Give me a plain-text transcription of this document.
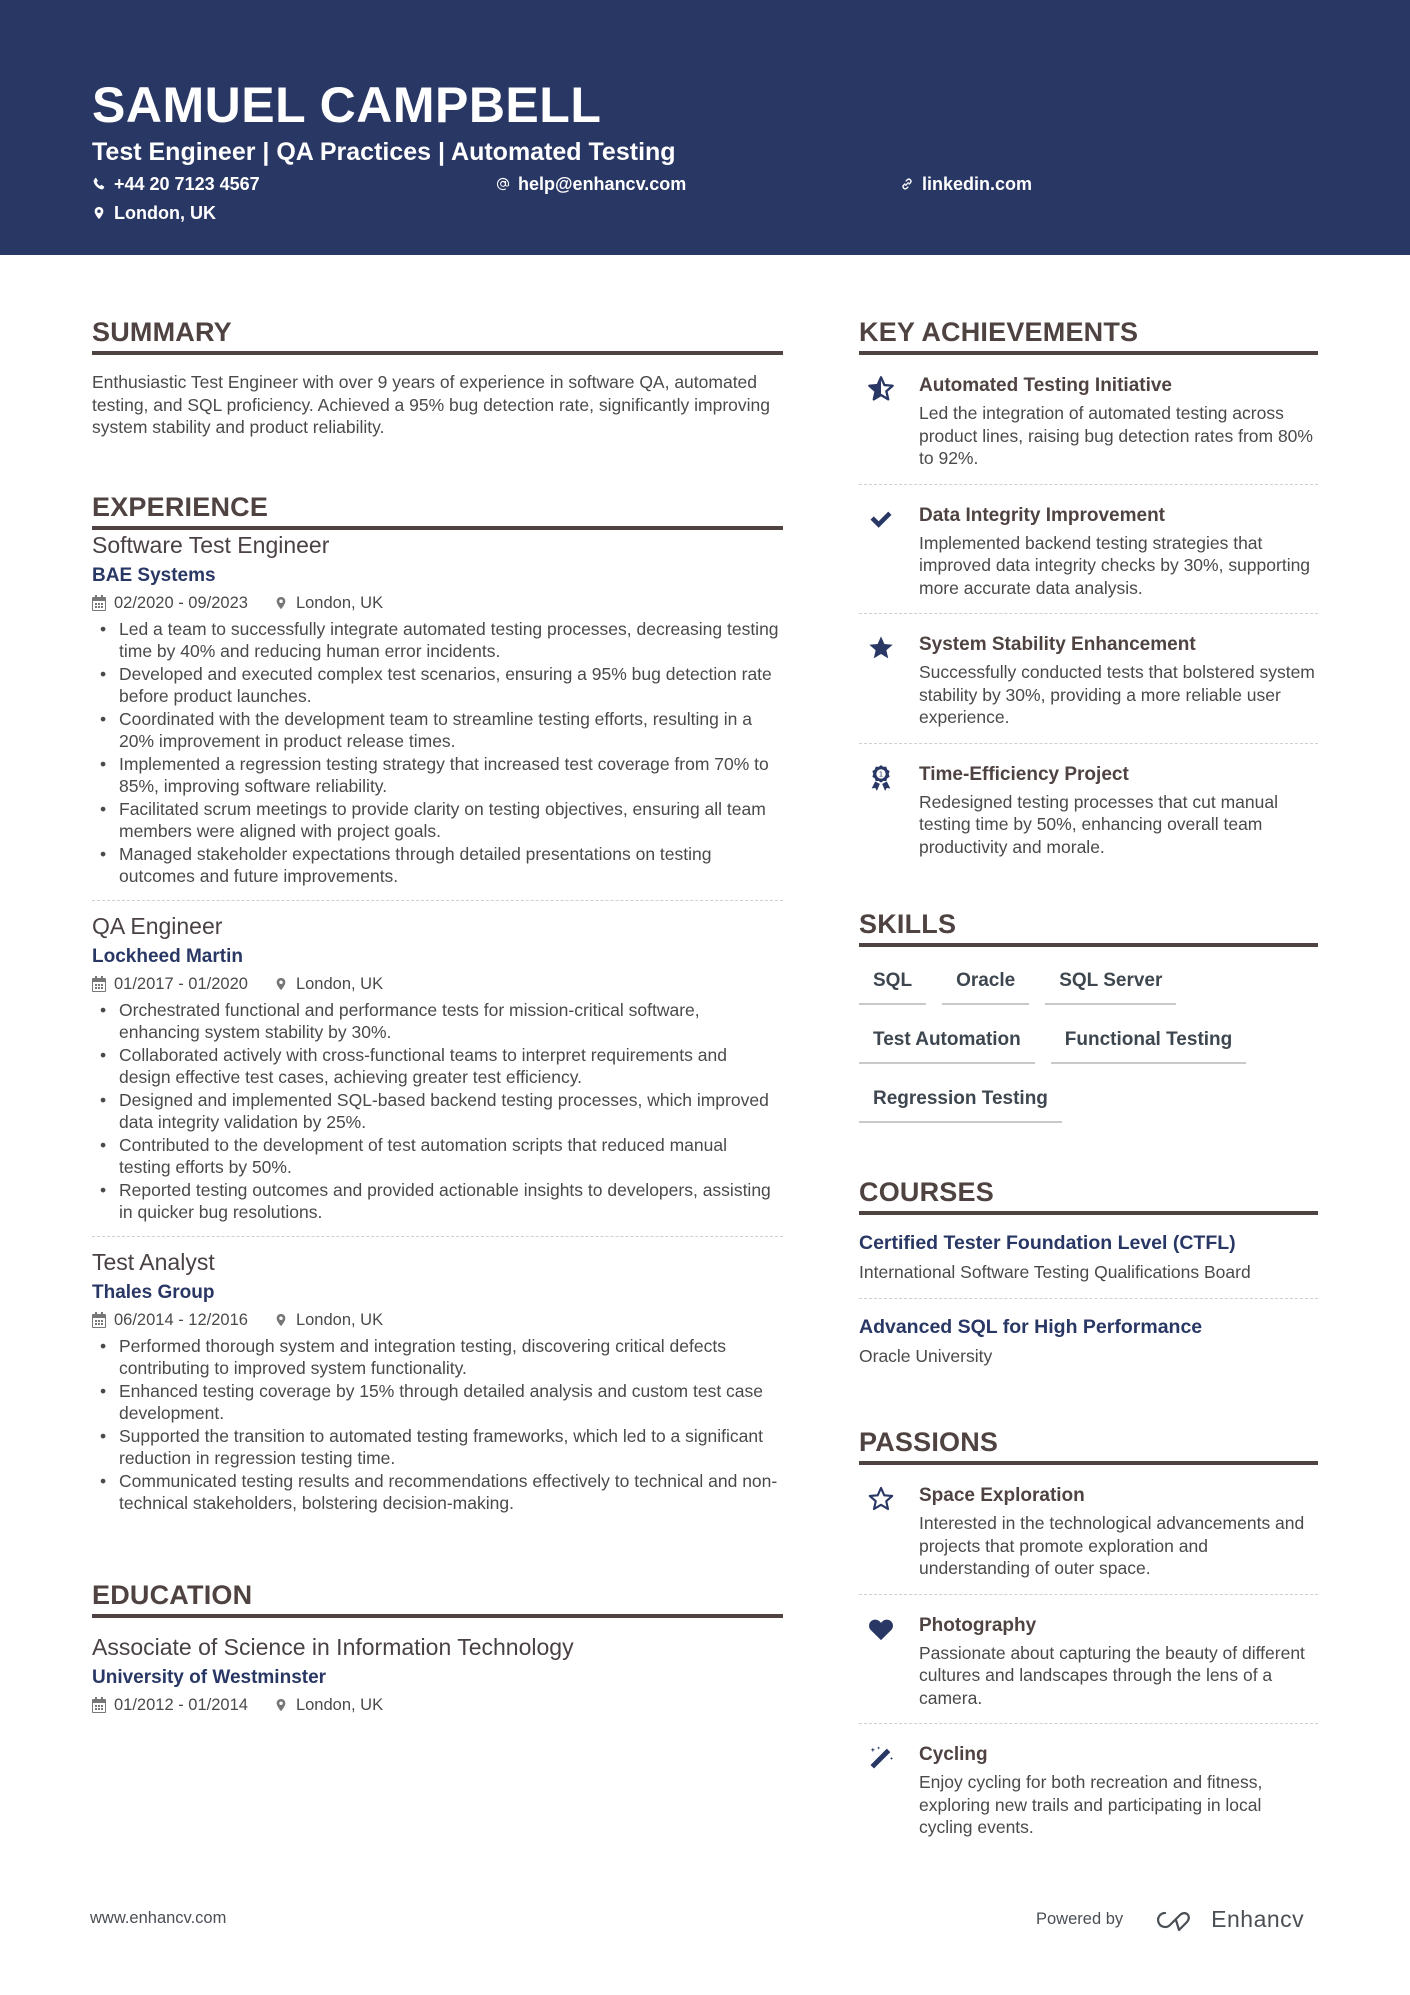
SAMUEL CAMPBELL
Test Engineer | QA Practices | Automated Testing
+44 20 7123 4567	help@enhancv.com	linkedin.com
London, UK
SUMMARY

Enthusiastic Test Engineer with over 9 years of experience in software QA, automated testing, and SQL proficiency. Achieved a 95% bug detection rate, significantly improving system stability and product reliability.

EXPERIENCE
Software Test Engineer
BAE Systems
02/2020 - 09/2023	London, UK
• Led a team to successfully integrate automated testing processes, decreasing testing time by 40% and reducing human error incidents.
• Developed and executed complex test scenarios, ensuring a 95% bug detection rate before product launches.
• Coordinated with the development team to streamline testing efforts, resulting in a 20% improvement in product release times.
• Implemented a regression testing strategy that increased test coverage from 70% to 85%, improving software reliability.
• Facilitated scrum meetings to provide clarity on testing objectives, ensuring all team members were aligned with project goals.
• Managed stakeholder expectations through detailed presentations on testing outcomes and future improvements.
QA Engineer
Lockheed Martin
01/2017 - 01/2020	London, UK
• Orchestrated functional and performance tests for mission-critical software, enhancing system stability by 30%.
• Collaborated actively with cross-functional teams to interpret requirements and design effective test cases, achieving greater test efficiency.
• Designed and implemented SQL-based backend testing processes, which improved data integrity validation by 25%.
• Contributed to the development of test automation scripts that reduced manual testing efforts by 50%.
• Reported testing outcomes and provided actionable insights to developers, assisting in quicker bug resolutions.
Test Analyst
Thales Group
06/2014 - 12/2016	London, UK
• Performed thorough system and integration testing, discovering critical defects contributing to improved system functionality.
• Enhanced testing coverage by 15% through detailed analysis and custom test case development.
• Supported the transition to automated testing frameworks, which led to a significant reduction in regression testing time.
• Communicated testing results and recommendations effectively to technical and non-technical stakeholders, bolstering decision-making.
EDUCATION
Associate of Science in Information Technology
University of Westminster
01/2012 - 01/2014	London, UK
KEY ACHIEVEMENTS
Automated Testing Initiative
Led the integration of automated testing across product lines, raising bug detection rates from 80% to 92%.
Data Integrity Improvement
Implemented backend testing strategies that improved data integrity checks by 30%, supporting more accurate data analysis.
System Stability Enhancement
Successfully conducted tests that bolstered system stability by 30%, providing a more reliable user experience.
1 Time-Efficiency Project
Redesigned testing processes that cut manual testing time by 50%, enhancing overall team productivity and morale.
SKILLS
SQL	Oracle	SQL Server
Test Automation	Functional Testing
Regression Testing
COURSES
Certified Tester Foundation Level (CTFL)
International Software Testing Qualifications Board
Advanced SQL for High Performance
Oracle University
PASSIONS
Space Exploration
Interested in the technological advancements and projects that promote exploration and understanding of outer space.
Photography
Passionate about capturing the beauty of different cultures and landscapes through the lens of a camera.
Cycling
Enjoy cycling for both recreation and fitness, exploring new trails and participating in local cycling events.
www.enhancv.com	Powered by	Enhancv
